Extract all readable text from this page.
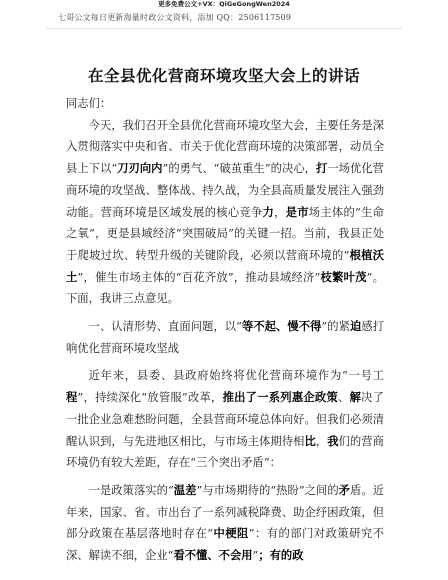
更多免费公文+VX：QiGeGongWen2024
七哥公文每日更新海量时政公文资料，添加 QQ：2506117509
在全县优化营商环境攻坚大会上的讲话

同志们：

今天，我们召开全县优化营商环境攻坚大会，主要任务是深入贯彻落实中央和省、市关于优化营商环境的决策部署，动员全县上下以“刀刃向内”的勇气、“破茧重生”的决心，打一场优化营商环境的攻坚战、整体战、持久战，为全县高质量发展注入强劲动能。营商环境是区域发展的核心竞争力，是市场主体的“生命之氧”，更是县域经济“突围破局”的关键一招。当前，我县正处于爬坡过坎、转型升级的关键阶段，必须以营商环境的“根植沃土”，催生市场主体的“百花齐放”，推动县域经济“枝繁叶茂”。下面，我讲三点意见。

一、认清形势、直面问题，以“等不起、慢不得”的紧迫感打响优化营商环境攻坚战

近年来，县委、县政府始终将优化营商环境作为“一号工程”，持续深化“放管服”改革，推出了一系列惠企政策、解决了一批企业急难愁盼问题，全县营商环境总体向好。但我们必须清醒认识到，与先进地区相比，与市场主体期待相比，我们的营商环境仍有较大差距，存在“三个突出矛盾”：

一是政策落实的“温差”与市场期待的“热盼”之间的矛盾。近年来，国家、省、市出台了一系列减税降费、助企纾困政策，但部分政策在基层落地时存在“中梗阻”：有的部门对政策研究不深、解读不细，企业“看不懂、不会用”；有的政
